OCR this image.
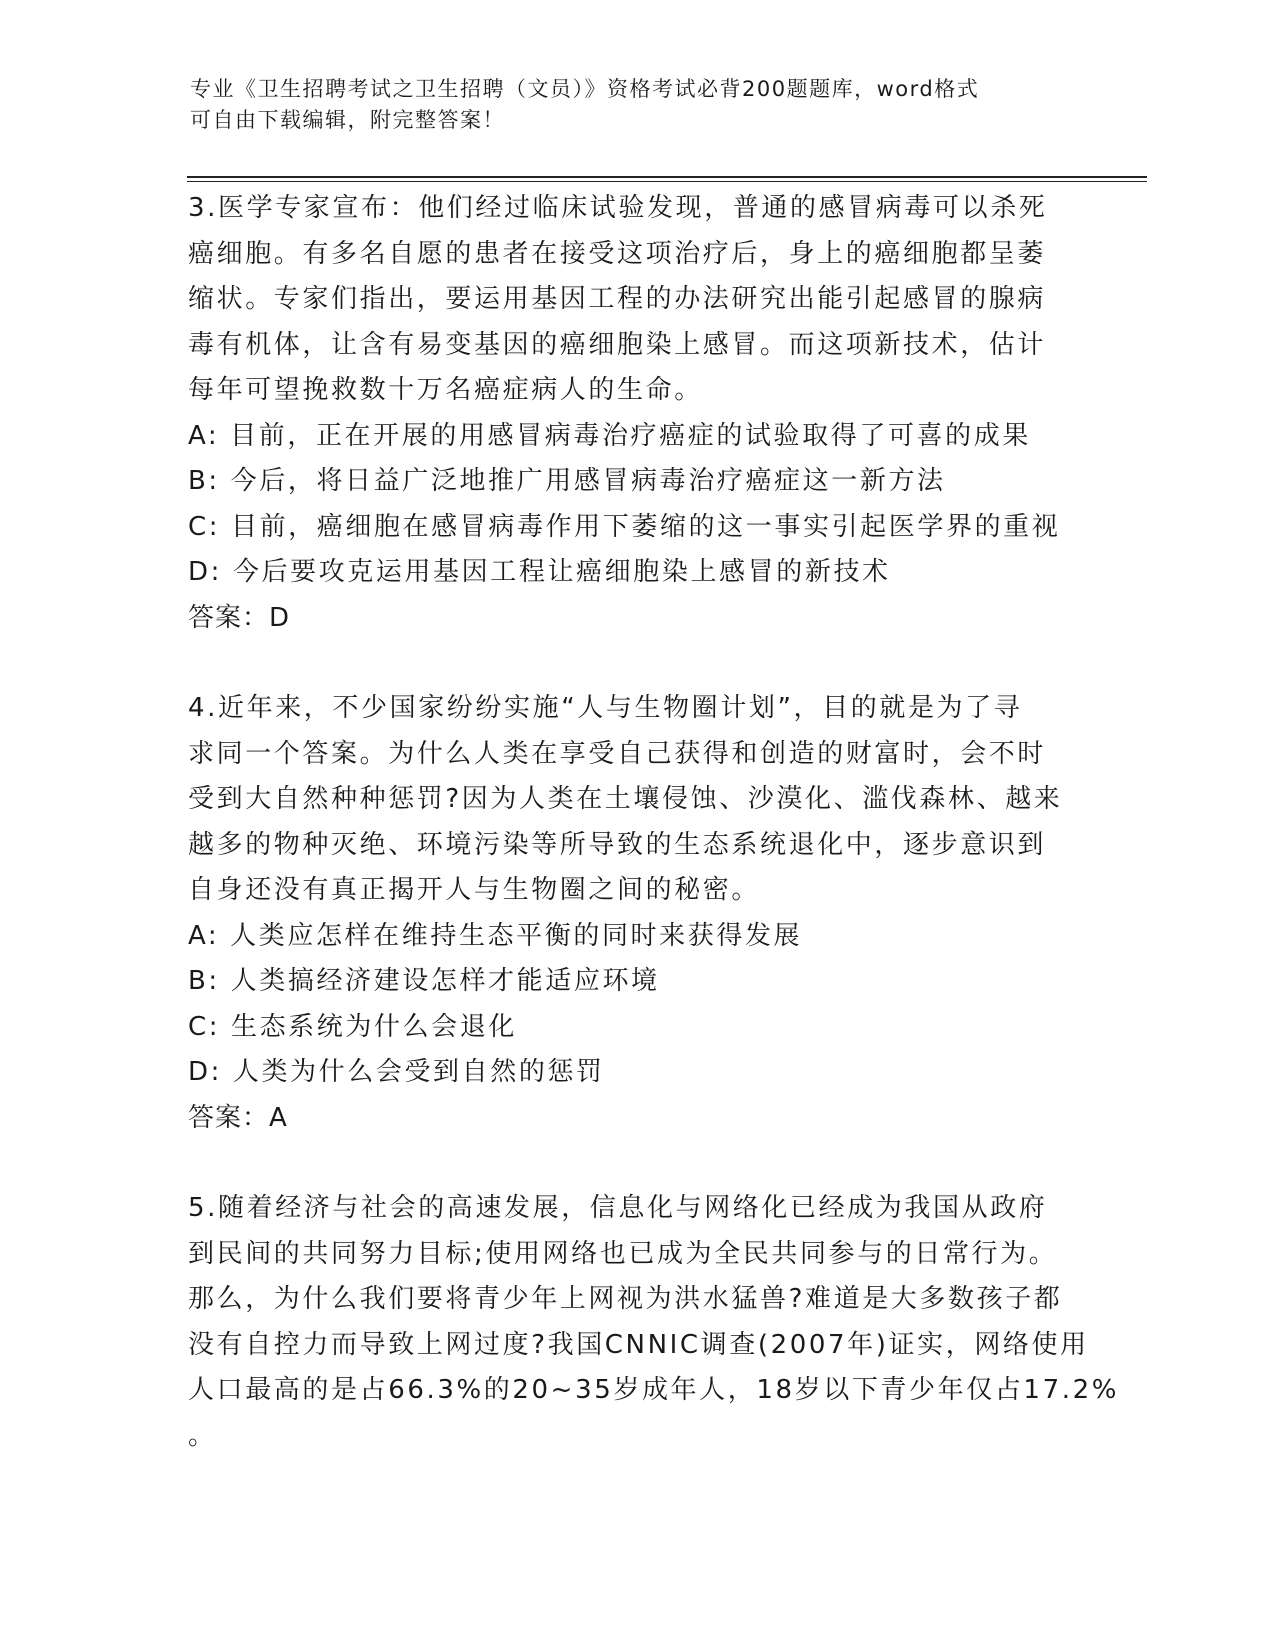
专业《卫生招聘考试之卫生招聘（文员）》资格考试必背200题题库，word格式
可自由下载编辑，附完整答案！
3.医学专家宣布：他们经过临床试验发现，普通的感冒病毒可以杀死
癌细胞。有多名自愿的患者在接受这项治疗后，身上的癌细胞都呈萎
缩状。专家们指出，要运用基因工程的办法研究出能引起感冒的腺病
毒有机体，让含有易变基因的癌细胞染上感冒。而这项新技术，估计
每年可望挽救数十万名癌症病人的生命。
A: 目前，正在开展的用感冒病毒治疗癌症的试验取得了可喜的成果
B: 今后，将日益广泛地推广用感冒病毒治疗癌症这一新方法
C: 目前，癌细胞在感冒病毒作用下萎缩的这一事实引起医学界的重视
D: 今后要攻克运用基因工程让癌细胞染上感冒的新技术
答案：D
4.近年来，不少国家纷纷实施“人与生物圈计划”，目的就是为了寻
求同一个答案。为什么人类在享受自己获得和创造的财富时，会不时
受到大自然种种惩罚?因为人类在土壤侵蚀、沙漠化、滥伐森林、越来
越多的物种灭绝、环境污染等所导致的生态系统退化中，逐步意识到
自身还没有真正揭开人与生物圈之间的秘密。
A: 人类应怎样在维持生态平衡的同时来获得发展
B: 人类搞经济建设怎样才能适应环境
C: 生态系统为什么会退化
D: 人类为什么会受到自然的惩罚
答案：A
5.随着经济与社会的高速发展，信息化与网络化已经成为我国从政府
到民间的共同努力目标;使用网络也已成为全民共同参与的日常行为。
那么，为什么我们要将青少年上网视为洪水猛兽?难道是大多数孩子都
没有自控力而导致上网过度?我国CNNIC调查(2007年)证实，网络使用
人口最高的是占66.3%的20~35岁成年人，18岁以下青少年仅占17.2%
。
